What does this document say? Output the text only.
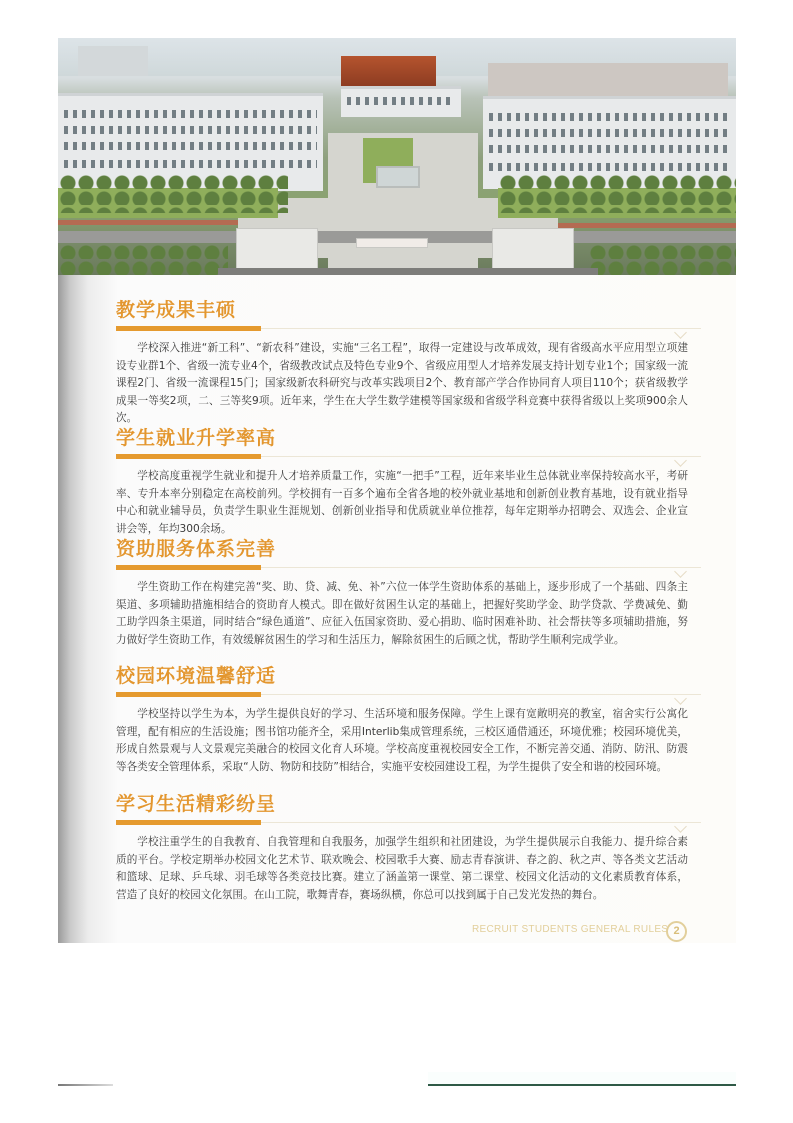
教学成果丰硕

学校深入推进“新工科”、“新农科”建设，实施“三名工程”，取得一定建设与改革成效，现有省级高水平应用型立项建设专业群1个、省级一流专业4个，省级教改试点及特色专业9个、省级应用型人才培养发展支持计划专业1个；国家级一流课程2门、省级一流课程15门；国家级新农科研究与改革实践项目2个、教育部产学合作协同育人项目110个；获省级教学成果一等奖2项，二、三等奖9项。近年来，学生在大学生数学建模等国家级和省级学科竞赛中获得省级以上奖项900余人次。

学生就业升学率高

学校高度重视学生就业和提升人才培养质量工作，实施“一把手”工程，近年来毕业生总体就业率保持较高水平，考研率、专升本率分别稳定在高校前列。学校拥有一百多个遍布全省各地的校外就业基地和创新创业教育基地，设有就业指导中心和就业辅导员，负责学生职业生涯规划、创新创业指导和优质就业单位推荐，每年定期举办招聘会、双选会、企业宣讲会等，年均300余场。

资助服务体系完善

学生资助工作在构建完善“奖、助、贷、减、免、补”六位一体学生资助体系的基础上，逐步形成了一个基础、四条主渠道、多项辅助措施相结合的资助育人模式。即在做好贫困生认定的基础上，把握好奖助学金、助学贷款、学费减免、勤工助学四条主渠道，同时结合“绿色通道”、应征入伍国家资助、爱心捐助、临时困难补助、社会帮扶等多项辅助措施，努力做好学生资助工作，有效缓解贫困生的学习和生活压力，解除贫困生的后顾之忧，帮助学生顺利完成学业。

校园环境温馨舒适

学校坚持以学生为本，为学生提供良好的学习、生活环境和服务保障。学生上课有宽敞明亮的教室，宿舍实行公寓化管理，配有相应的生活设施；图书馆功能齐全，采用Interlib集成管理系统，三校区通借通还，环境优雅；校园环境优美，形成自然景观与人文景观完美融合的校园文化育人环境。学校高度重视校园安全工作，不断完善交通、消防、防汛、防震等各类安全管理体系，采取“人防、物防和技防”相结合，实施平安校园建设工程，为学生提供了安全和谐的校园环境。

学习生活精彩纷呈

学校注重学生的自我教育、自我管理和自我服务，加强学生组织和社团建设，为学生提供展示自我能力、提升综合素质的平台。学校定期举办校园文化艺术节、联欢晚会、校园歌手大赛、励志青春演讲、春之韵、秋之声、等各类文艺活动和篮球、足球、乒乓球、羽毛球等各类竞技比赛。建立了涵盖第一课堂、第二课堂、校园文化活动的文化素质教育体系，营造了良好的校园文化氛围。在山工院，歌舞青春，赛场纵横，你总可以找到属于自己发光发热的舞台。

RECRUIT STUDENTS GENERAL RULES 2
